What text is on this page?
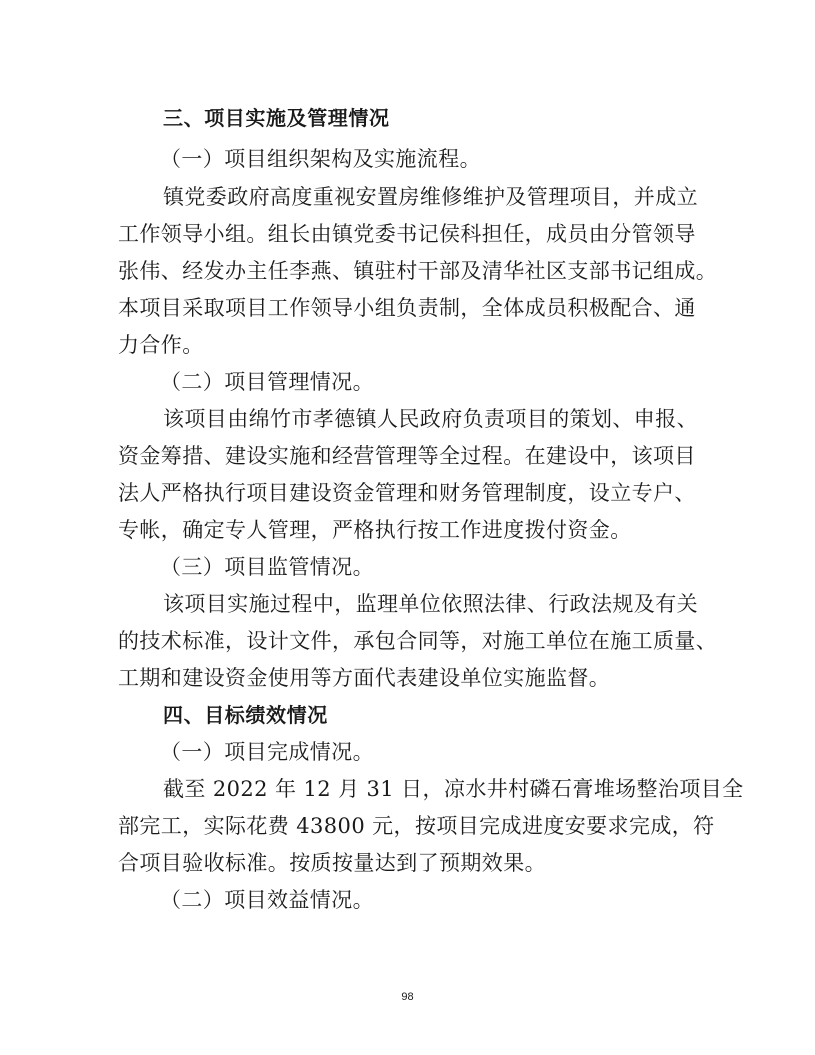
三、项目实施及管理情况
（一）项目组织架构及实施流程。
镇党委政府高度重视安置房维修维护及管理项目，并成立
工作领导小组。组长由镇党委书记侯科担任，成员由分管领导
张伟、经发办主任李燕、镇驻村干部及清华社区支部书记组成。
本项目采取项目工作领导小组负责制，全体成员积极配合、通
力合作。
（二）项目管理情况。
该项目由绵竹市孝德镇人民政府负责项目的策划、申报、
资金筹措、建设实施和经营管理等全过程。在建设中，该项目
法人严格执行项目建设资金管理和财务管理制度，设立专户、
专帐，确定专人管理，严格执行按工作进度拨付资金。
（三）项目监管情况。
该项目实施过程中，监理单位依照法律、行政法规及有关
的技术标准，设计文件，承包合同等，对施工单位在施工质量、
工期和建设资金使用等方面代表建设单位实施监督。
四、目标绩效情况
（一）项目完成情况。
截至 2022 年 12 月 31 日，凉水井村磷石膏堆场整治项目全
部完工，实际花费 43800 元，按项目完成进度安要求完成，符
合项目验收标准。按质按量达到了预期效果。
（二）项目效益情况。
98
